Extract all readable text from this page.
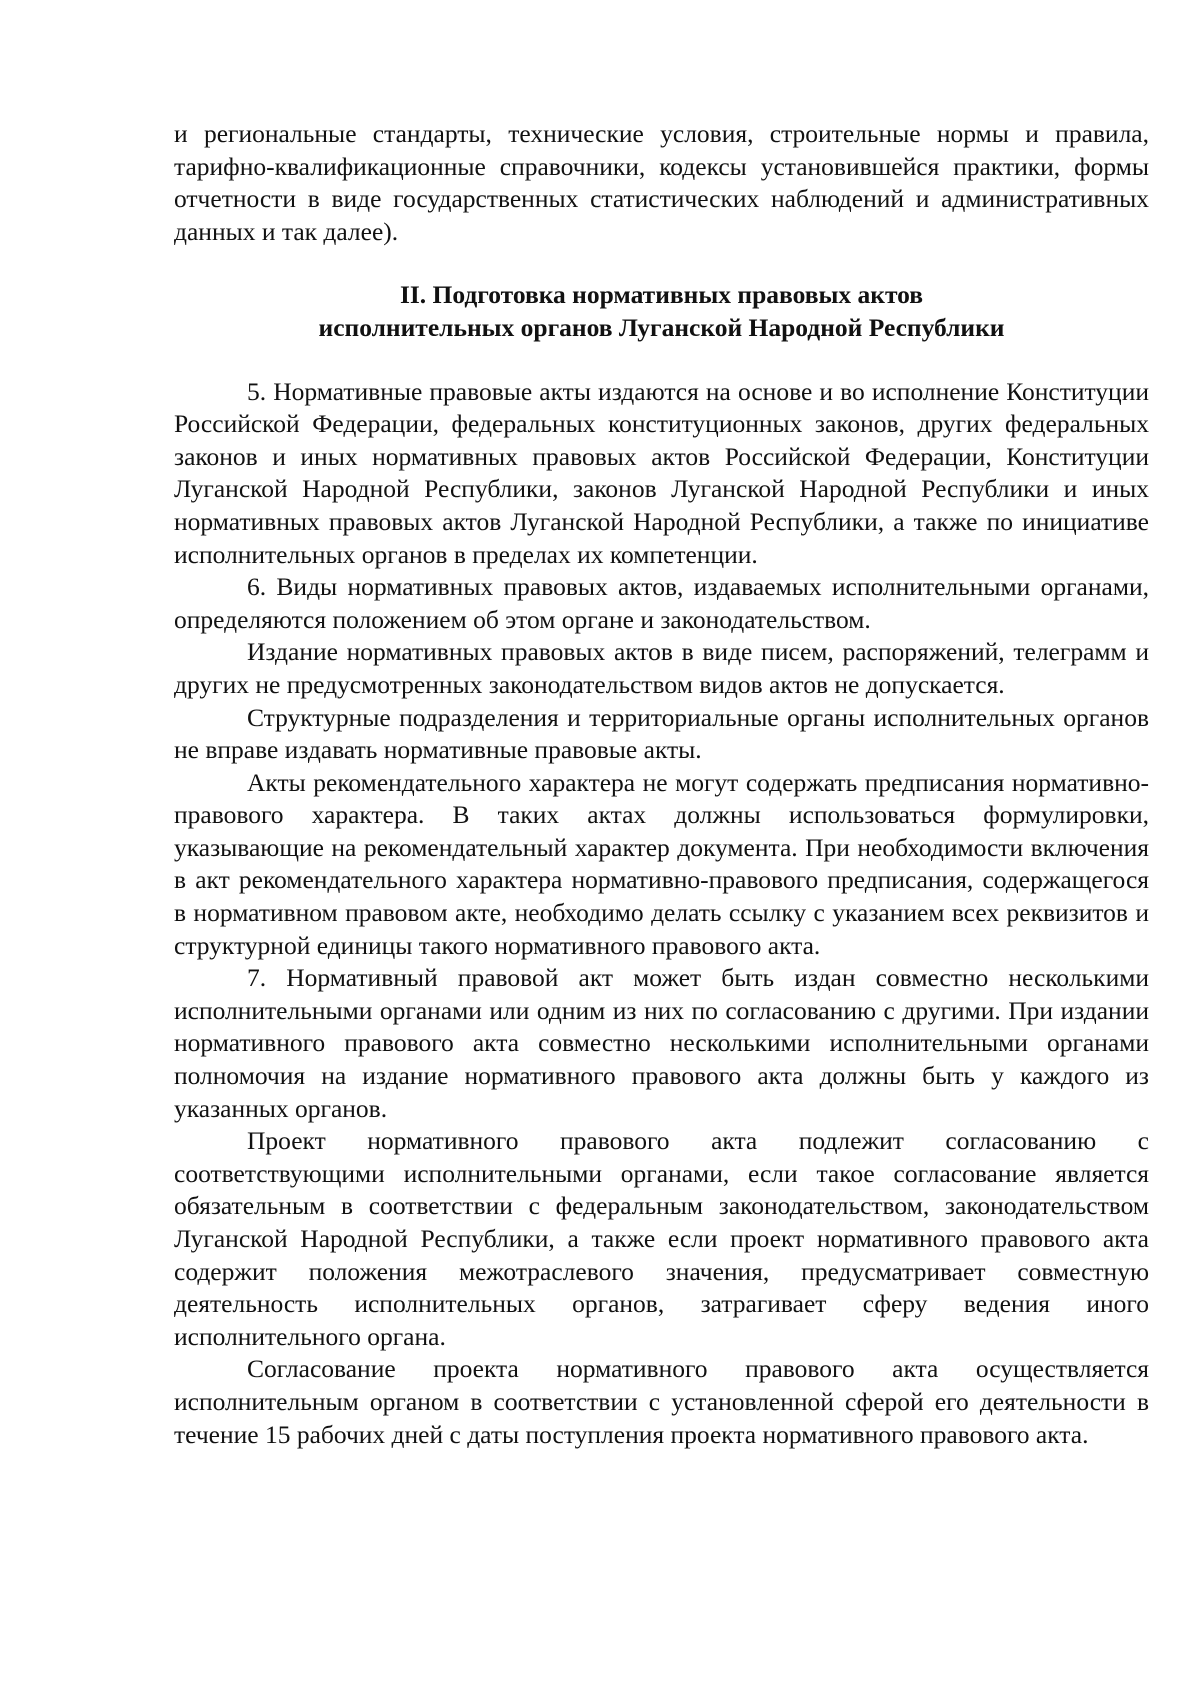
и региональные стандарты, технические условия, строительные нормы и правила, тарифно-квалификационные справочники, кодексы установившейся практики, формы отчетности в виде государственных статистических наблюдений и административных данных и так далее).

II. Подготовка нормативных правовых актов

исполнительных органов Луганской Народной Республики

5. Нормативные правовые акты издаются на основе и во исполнение Конституции Российской Федерации, федеральных конституционных законов, других федеральных законов и иных нормативных правовых актов Российской Федерации, Конституции Луганской Народной Республики, законов Луганской Народной Республики и иных нормативных правовых актов Луганской Народной Республики, а также по инициативе исполнительных органов в пределах их компетенции.

6. Виды нормативных правовых актов, издаваемых исполнительными органами, определяются положением об этом органе и законодательством.

Издание нормативных правовых актов в виде писем, распоряжений, телеграмм и других не предусмотренных законодательством видов актов не допускается.

Структурные подразделения и территориальные органы исполнительных органов не вправе издавать нормативные правовые акты.

Акты рекомендательного характера не могут содержать предписания нормативно-правового характера. В таких актах должны использоваться формулировки, указывающие на рекомендательный характер документа. При необходимости включения в акт рекомендательного характера нормативно-правового предписания, содержащегося в нормативном правовом акте, необходимо делать ссылку с указанием всех реквизитов и структурной единицы такого нормативного правового акта.

7. Нормативный правовой акт может быть издан совместно несколькими исполнительными органами или одним из них по согласованию с другими. При издании нормативного правового акта совместно несколькими исполнительными органами полномочия на издание нормативного правового акта должны быть у каждого из указанных органов.

Проект нормативного правового акта подлежит согласованию с соответствующими исполнительными органами, если такое согласование является обязательным в соответствии с федеральным законодательством, законодательством Луганской Народной Республики, а также если проект нормативного правового акта содержит положения межотраслевого значения, предусматривает совместную деятельность исполнительных органов, затрагивает сферу ведения иного исполнительного органа.

Согласование проекта нормативного правового акта осуществляется исполнительным органом в соответствии с установленной сферой его деятельности в течение 15 рабочих дней с даты поступления проекта нормативного правового акта.
